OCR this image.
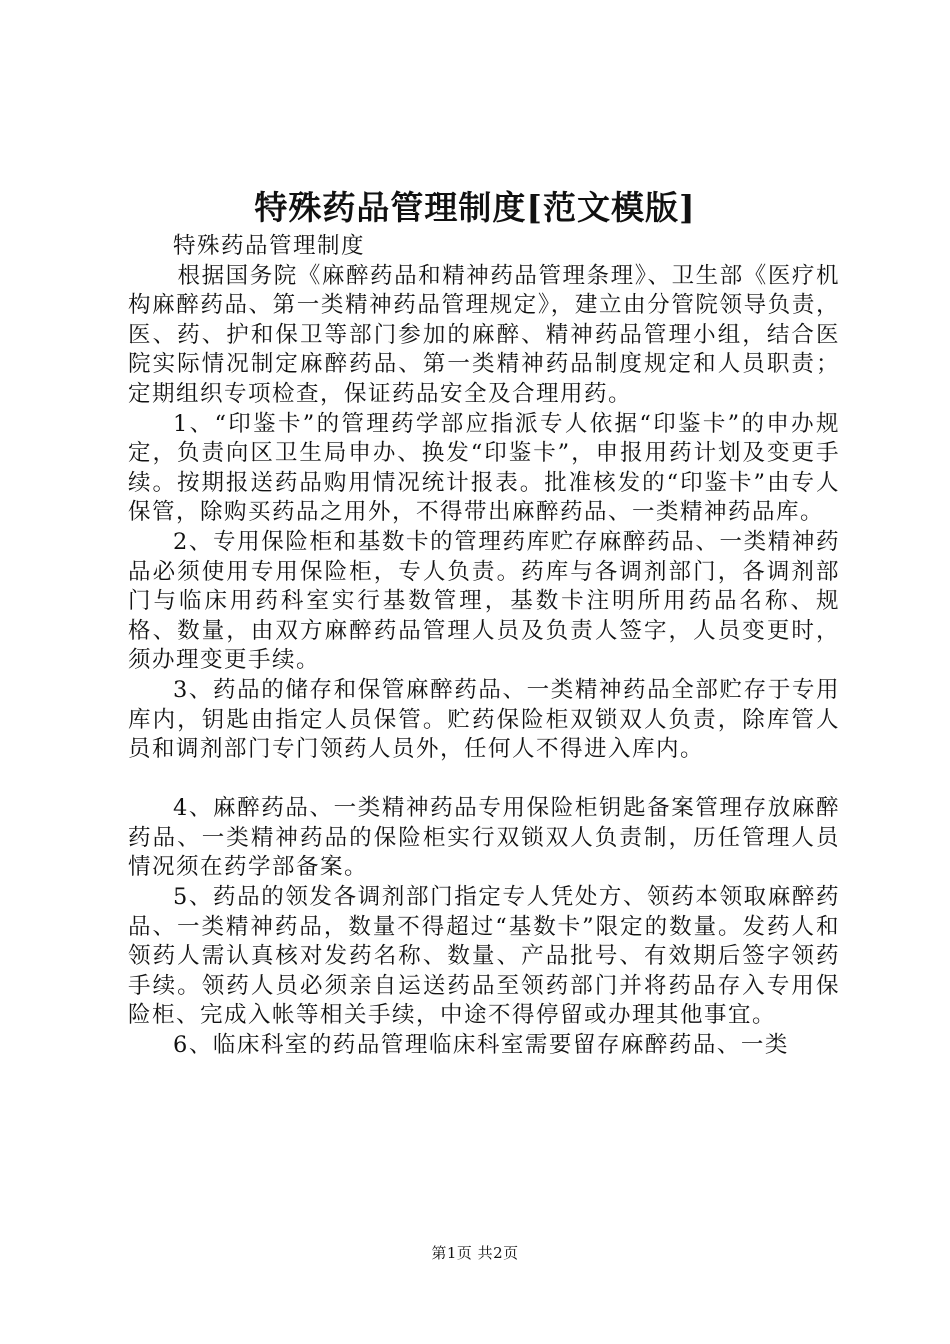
特殊药品管理制度[范文模版]

特殊药品管理制度

根据国务院《麻醉药品和精神药品管理条理》、卫生部《医疗机构麻醉药品、第一类精神药品管理规定》，建立由分管院领导负责，医、药、护和保卫等部门参加的麻醉、精神药品管理小组，结合医院实际情况制定麻醉药品、第一类精神药品制度规定和人员职责；定期组织专项检查，保证药品安全及合理用药。

1、“印鉴卡”的管理药学部应指派专人依据“印鉴卡”的申办规定，负责向区卫生局申办、换发“印鉴卡”，申报用药计划及变更手续。按期报送药品购用情况统计报表。批准核发的“印鉴卡”由专人保管，除购买药品之用外，不得带出麻醉药品、一类精神药品库。

2、专用保险柜和基数卡的管理药库贮存麻醉药品、一类精神药品必须使用专用保险柜，专人负责。药库与各调剂部门，各调剂部门与临床用药科室实行基数管理，基数卡注明所用药品名称、规格、数量，由双方麻醉药品管理人员及负责人签字，人员变更时，须办理变更手续。

3、药品的储存和保管麻醉药品、一类精神药品全部贮存于专用库内，钥匙由指定人员保管。贮药保险柜双锁双人负责，除库管人员和调剂部门专门领药人员外，任何人不得进入库内。

4、麻醉药品、一类精神药品专用保险柜钥匙备案管理存放麻醉药品、一类精神药品的保险柜实行双锁双人负责制，历任管理人员情况须在药学部备案。

5、药品的领发各调剂部门指定专人凭处方、领药本领取麻醉药品、一类精神药品，数量不得超过“基数卡”限定的数量。发药人和领药人需认真核对发药名称、数量、产品批号、有效期后签字领药手续。领药人员必须亲自运送药品至领药部门并将药品存入专用保险柜、完成入帐等相关手续，中途不得停留或办理其他事宜。

6、临床科室的药品管理临床科室需要留存麻醉药品、一类

第1页 共2页
